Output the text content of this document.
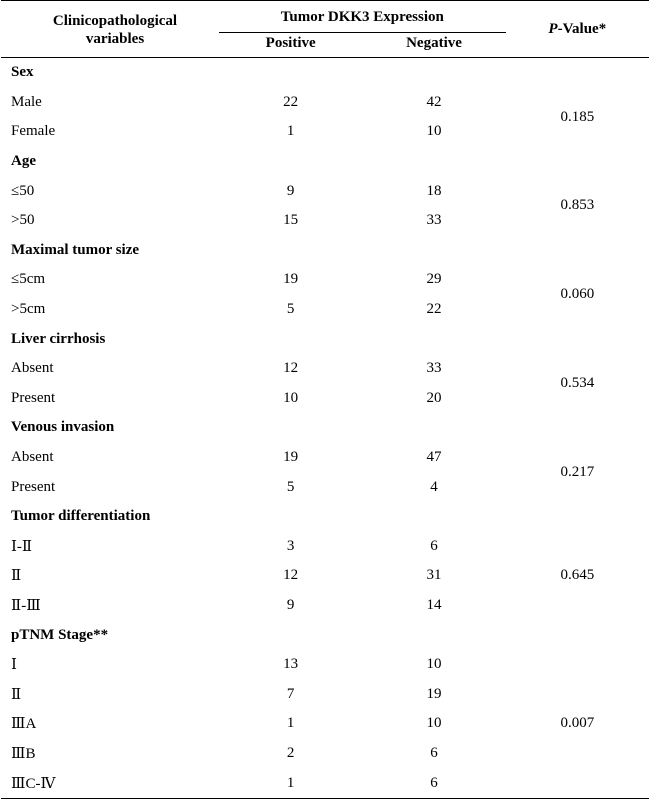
Clinicopathological
variables	Tumor DKK3 Expression		P-Value*
	Positive	Negative	
Sex			
Male	22	42	0.185
Female	1	10	
Age			
≤50	9	18	0.853
>50	15	33	
Maximal tumor size			
≤5cm	19	29	0.060
>5cm	5	22	
Liver cirrhosis			
Absent	12	33	0.534
Present	10	20	
Venous invasion			
Absent	19	47	0.217
Present	5	4	
Tumor differentiation			
Ⅰ-Ⅱ	3	6	0.645
Ⅱ	12	31	
Ⅱ-Ⅲ	9	14	
pTNM Stage**			
Ⅰ	13	10	0.007
Ⅱ	7	19	
ⅢA	1	10	
ⅢB	2	6	
ⅢC-Ⅳ	1	6	
